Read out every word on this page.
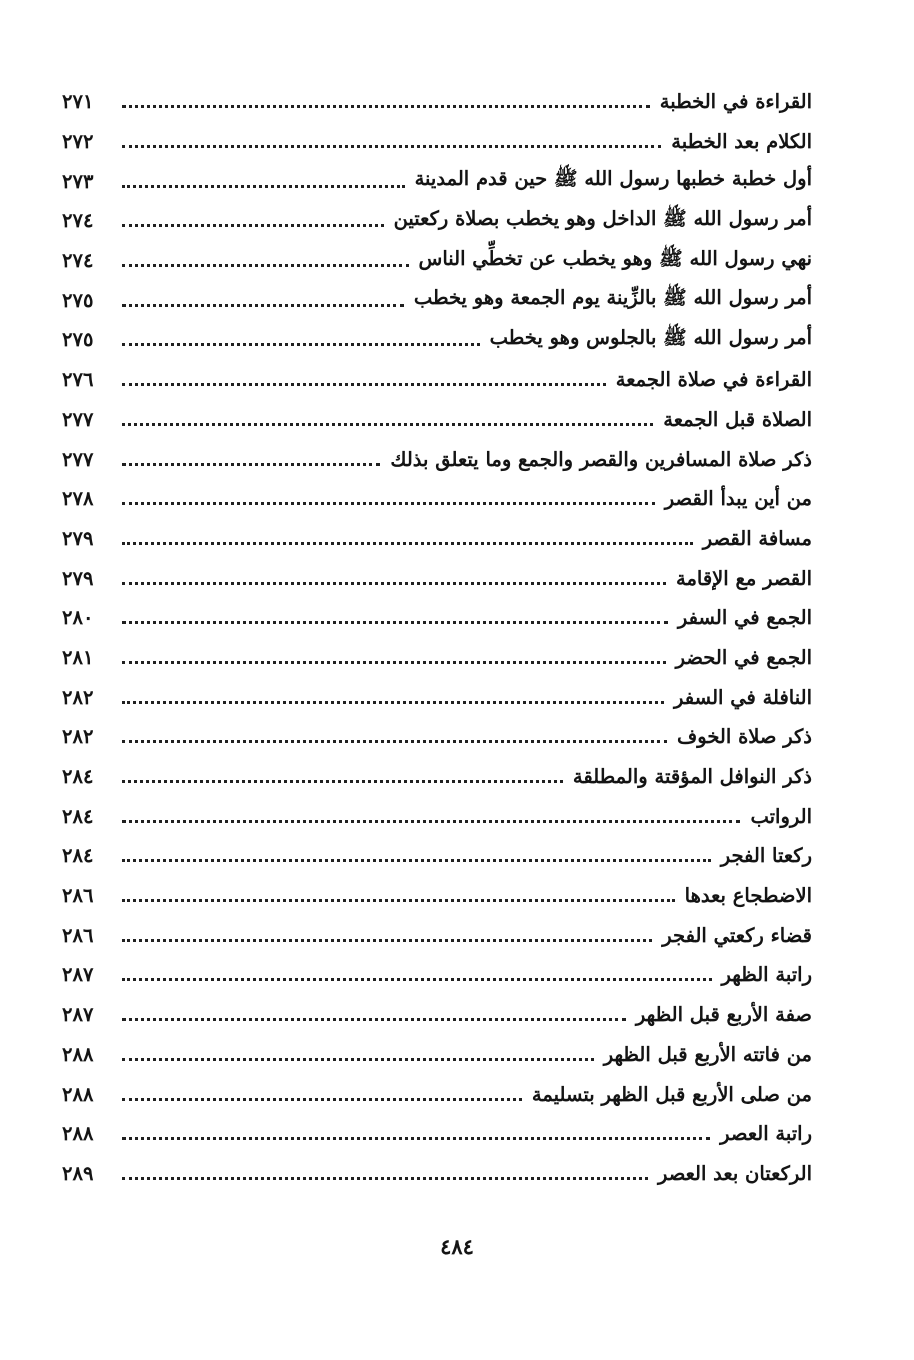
القراءة في الخطبة
٢٧١
الكلام بعد الخطبة
٢٧٢
أول خطبة خطبها رسول الله ﷺ حين قدم المدينة
٢٧٣
أمر رسول الله ﷺ الداخل وهو يخطب بصلاة ركعتين
٢٧٤
نهي رسول الله ﷺ وهو يخطب عن تخطِّي الناس
٢٧٤
أمر رسول الله ﷺ بالزِّينة يوم الجمعة وهو يخطب
٢٧٥
أمر رسول الله ﷺ بالجلوس وهو يخطب
٢٧٥
القراءة في صلاة الجمعة
٢٧٦
الصلاة قبل الجمعة
٢٧٧
ذكر صلاة المسافرين والقصر والجمع وما يتعلق بذلك
٢٧٧
من أين يبدأ القصر
٢٧٨
مسافة القصر
٢٧٩
القصر مع الإقامة
٢٧٩
الجمع في السفر
٢٨٠
الجمع في الحضر
٢٨١
النافلة في السفر
٢٨٢
ذكر صلاة الخوف
٢٨٢
ذكر النوافل المؤقتة والمطلقة
٢٨٤
الرواتب
٢٨٤
ركعتا الفجر
٢٨٤
الاضطجاع بعدها
٢٨٦
قضاء ركعتي الفجر
٢٨٦
راتبة الظهر
٢٨٧
صفة الأربع قبل الظهر
٢٨٧
من فاتته الأربع قبل الظهر
٢٨٨
من صلى الأربع قبل الظهر بتسليمة
٢٨٨
راتبة العصر
٢٨٨
الركعتان بعد العصر
٢٨٩
٤٨٤
